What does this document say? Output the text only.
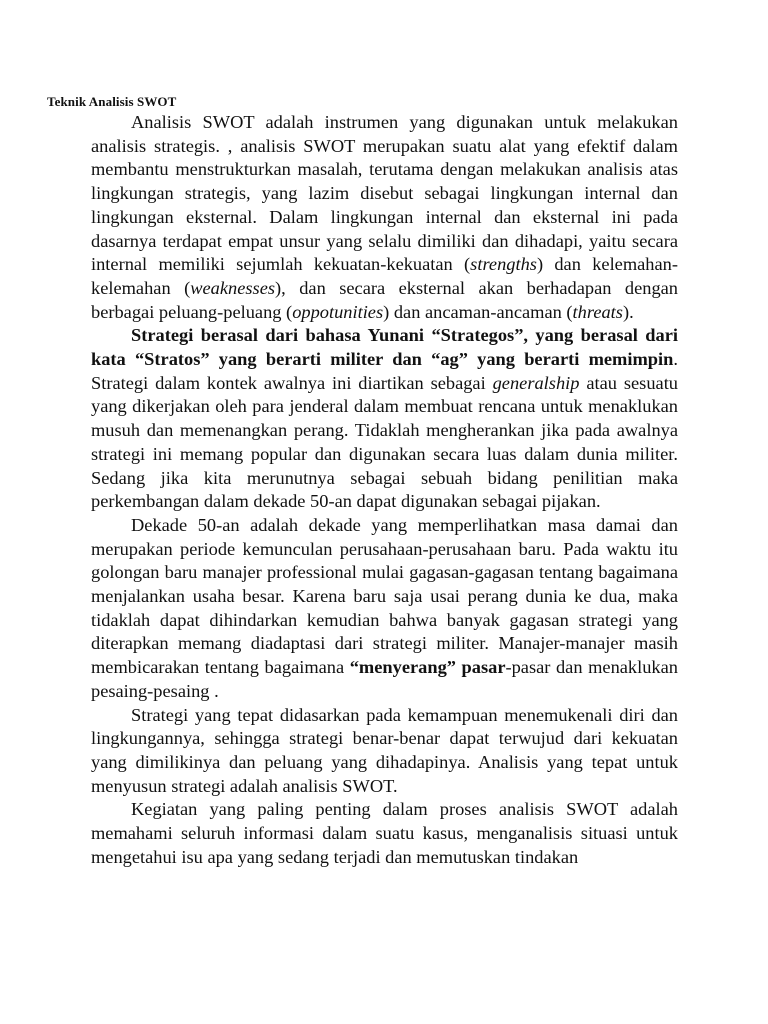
Teknik Analisis SWOT

Analisis SWOT adalah instrumen yang digunakan untuk melakukan analisis strategis. , analisis SWOT merupakan suatu alat yang efektif dalam membantu menstrukturkan masalah, terutama dengan melakukan analisis atas lingkungan strategis, yang lazim disebut sebagai lingkungan internal dan lingkungan eksternal. Dalam lingkungan internal dan eksternal ini pada dasarnya terdapat empat unsur yang selalu dimiliki dan dihadapi, yaitu secara internal memiliki sejumlah kekuatan-kekuatan (strengths) dan kelemahan-kelemahan (weaknesses), dan secara eksternal akan berhadapan dengan berbagai peluang-peluang (oppotunities) dan ancaman-ancaman (threats).

Strategi berasal dari bahasa Yunani “Strategos”, yang berasal dari kata “Stratos” yang berarti militer dan “ag” yang berarti memimpin. Strategi dalam kontek awalnya ini diartikan sebagai generalship atau sesuatu yang dikerjakan oleh para jenderal dalam membuat rencana untuk menaklukan musuh dan memenangkan perang. Tidaklah mengherankan jika pada awalnya strategi ini memang popular dan digunakan secara luas dalam dunia militer. Sedang jika kita merunutnya sebagai sebuah bidang penilitian maka perkembangan dalam dekade 50-an dapat digunakan sebagai pijakan.

Dekade 50-an adalah dekade yang memperlihatkan masa damai dan merupakan periode kemunculan perusahaan-perusahaan baru. Pada waktu itu golongan baru manajer professional mulai gagasan-gagasan tentang bagaimana menjalankan usaha besar. Karena baru saja usai perang dunia ke dua, maka tidaklah dapat dihindarkan kemudian bahwa banyak gagasan strategi yang diterapkan memang diadaptasi dari strategi militer. Manajer-manajer masih membicarakan tentang bagaimana “menyerang” pasar-pasar dan menaklukan pesaing-pesaing .

Strategi yang tepat didasarkan pada kemampuan menemukenali diri dan lingkungannya, sehingga strategi benar-benar dapat terwujud dari kekuatan yang dimilikinya dan peluang yang dihadapinya. Analisis yang tepat untuk menyusun strategi adalah analisis SWOT.

Kegiatan yang paling penting dalam proses analisis SWOT adalah memahami seluruh informasi dalam suatu kasus, menganalisis situasi untuk mengetahui isu apa yang sedang terjadi dan memutuskan tindakan
